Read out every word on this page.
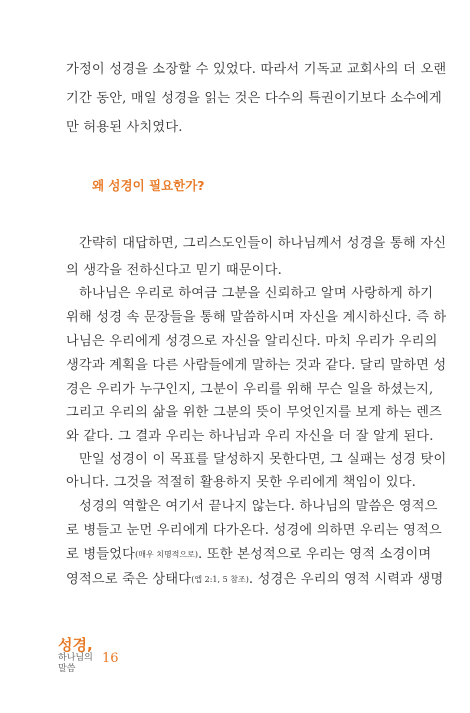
가정이 성경을 소장할 수 있었다. 따라서 기독교 교회사의 더 오랜
기간 동안, 매일 성경을 읽는 것은 다수의 특권이기보다 소수에게
만 허용된 사치였다.
왜 성경이 필요한가?
간략히 대답하면, 그리스도인들이 하나님께서 성경을 통해 자신
의 생각을 전하신다고 믿기 때문이다.
하나님은 우리로 하여금 그분을 신뢰하고 알며 사랑하게 하기
위해 성경 속 문장들을 통해 말씀하시며 자신을 계시하신다. 즉 하
나님은 우리에게 성경으로 자신을 알리신다. 마치 우리가 우리의
생각과 계획을 다른 사람들에게 말하는 것과 같다. 달리 말하면 성
경은 우리가 누구인지, 그분이 우리를 위해 무슨 일을 하셨는지,
그리고 우리의 삶을 위한 그분의 뜻이 무엇인지를 보게 하는 렌즈
와 같다. 그 결과 우리는 하나님과 우리 자신을 더 잘 알게 된다.
만일 성경이 이 목표를 달성하지 못한다면, 그 실패는 성경 탓이
아니다. 그것을 적절히 활용하지 못한 우리에게 책임이 있다.
성경의 역할은 여기서 끝나지 않는다. 하나님의 말씀은 영적으
로 병들고 눈먼 우리에게 다가온다. 성경에 의하면 우리는 영적으
로 병들었다(매우 치명적으로). 또한 본성적으로 우리는 영적 소경이며
영적으로 죽은 상태다(엡 2:1, 5 참조). 성경은 우리의 영적 시력과 생명
성경,
하나님의 말씀
16
